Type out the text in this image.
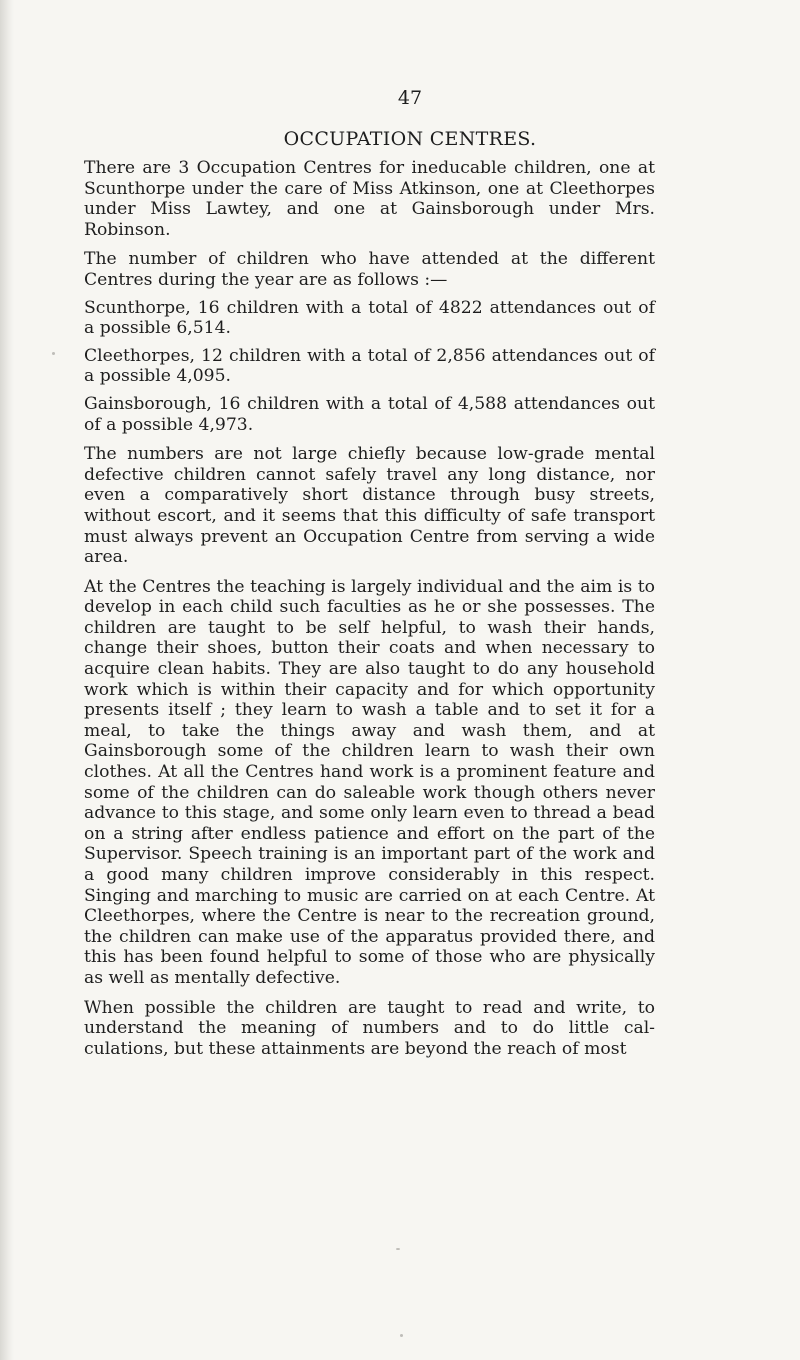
47
OCCUPATION CENTRES.

There are 3 Occupation Centres for ineducable children, one at Scunthorpe under the care of Miss Atkinson, one at Cleethorpes under Miss Lawtey, and one at Gainsborough under Mrs. Robinson.

The number of children who have attended at the different Centres during the year are as follows :—

Scunthorpe, 16 children with a total of 4822 attendances out of a possible 6,514.

Cleethorpes, 12 children with a total of 2,856 attendances out of a possible 4,095.

Gainsborough, 16 children with a total of 4,588 attendances out of a possible 4,973.

The numbers are not large chiefly because low-grade mental defective children cannot safely travel any long distance, nor even a comparatively short distance through busy streets, without escort, and it seems that this difficulty of safe transport must always prevent an Occupation Centre from serving a wide area.

At the Centres the teaching is largely individual and the aim is to develop in each child such faculties as he or she possesses. The children are taught to be self helpful, to wash their hands, change their shoes, button their coats and when necessary to acquire clean habits. They are also taught to do any household work which is within their capacity and for which opportunity presents itself ; they learn to wash a table and to set it for a meal, to take the things away and wash them, and at Gainsborough some of the children learn to wash their own clothes. At all the Centres hand work is a prominent feature and some of the children can do saleable work though others never advance to this stage, and some only learn even to thread a bead on a string after endless patience and effort on the part of the Supervisor. Speech training is an important part of the work and a good many children improve considerably in this respect. Singing and marching to music are carried on at each Centre. At Cleethorpes, where the Centre is near to the recreation ground, the children can make use of the apparatus provided there, and this has been found helpful to some of those who are physically as well as mentally defective.

When possible the children are taught to read and write, to understand the meaning of numbers and to do little cal- culations, but these attainments are beyond the reach of most
